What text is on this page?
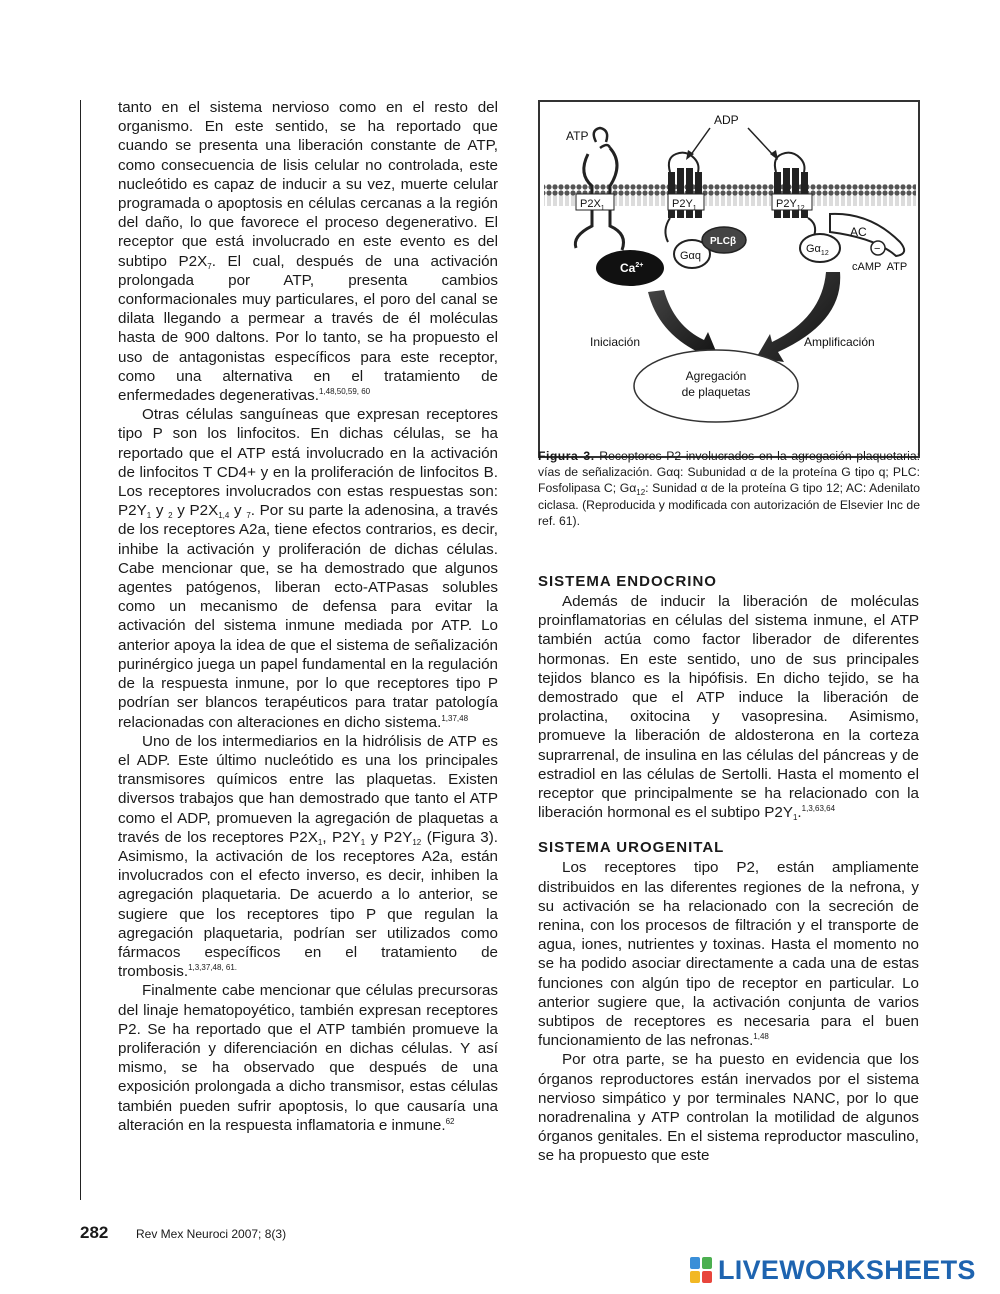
tanto en el sistema nervioso como en el resto del organismo. En este sentido, se ha reportado que cuando se presenta una liberación constante de ATP, como consecuencia de lisis celular no controlada, este nucleótido es capaz de inducir a su vez, muerte celular programada o apoptosis en células cercanas a la región del daño, lo que favorece el proceso degenerativo. El receptor que está involucrado en este evento es del subtipo $P2X_7$. El cual, después de una activación prolongada por ATP, presenta cambios conformacionales muy particulares, el poro del canal se dilata llegando a permear a través de él moléculas hasta de 900 daltons. Por lo tanto, se ha propuesto el uso de antagonistas específicos para este receptor, como una alternativa en el tratamiento de enfermedades degenerativas.$^{1,48,50,59, 60}$

Otras células sanguíneas que expresan receptores tipo P son los linfocitos. En dichas células, se ha reportado que el ATP está involucrado en la activación de linfocitos T CD4+ y en la proliferación de linfocitos B. Los receptores involucrados con estas respuestas son: $P2Y_1$ y $_2$ y $P2X_{1,4}$ y $_7$. Por su parte la adenosina, a través de los receptores A2a, tiene efectos contrarios, es decir, inhibe la activación y proliferación de dichas células. Cabe mencionar que, se ha demostrado que algunos agentes patógenos, liberan ecto-ATPasas solubles como un mecanismo de defensa para evitar la activación del sistema inmune mediada por ATP. Lo anterior apoya la idea de que el sistema de señalización purinérgico juega un papel fundamental en la regulación de la respuesta inmune, por lo que receptores tipo P podrían ser blancos terapéuticos para tratar patología relacionadas con alteraciones en dicho sistema.$^{1,37,48}$

Uno de los intermediarios en la hidrólisis de ATP es el ADP. Este último nucleótido es una los principales transmisores químicos entre las plaquetas. Existen diversos trabajos que han demostrado que tanto el ATP como el ADP, promueven la agregación de plaquetas a través de los receptores $P2X_1$, $P2Y_1$ y $P2Y_{12}$ (Figura 3). Asimismo, la activación de los receptores A2a, están involucrados con el efecto inverso, es decir, inhiben la agregación plaquetaria. De acuerdo a lo anterior, se sugiere que los receptores tipo P que regulan la agregación plaquetaria, podrían ser utilizados como fármacos específicos en el tratamiento de trombosis.$^{1,3,37,48, 61.}$

Finalmente cabe mencionar que células precursoras del linaje hematopoyético, también expresan receptores P2. Se ha reportado que el ATP también promueve la proliferación y diferenciación en dichas células. Y así mismo, se ha observado que después de una exposición prolongada a dicho transmisor, estas células también pueden sufrir apoptosis, lo que causaría una alteración en la respuesta inflamatoria e inmune.$^{62}$

ATP
ADP
$P2X_1$	$P2Y_1$	$P2Y_{12}$
AC
Gαq
PLCβ
$G\alpha_{12}$	−
$Ca^{2+}$	cAMP  ATP
Iniciación	Amplificación
Agregación
de plaquetas
Figura 3. Receptores P2 involucrados en la agregación plaquetaria: vías de señalización. Gαq: Subunidad α de la proteína G tipo q; PLC: Fosfolipasa C; $G\alpha_{12}$: Sunidad α de la proteína G tipo 12; AC: Adenilato ciclasa. (Reproducida y modificada con autorización de Elsevier Inc de ref. 61).
SISTEMA ENDOCRINO

Además de inducir la liberación de moléculas proinflamatorias en células del sistema inmune, el ATP también actúa como factor liberador de diferentes hormonas. En este sentido, uno de sus principales tejidos blanco es la hipófisis. En dicho tejido, se ha demostrado que el ATP induce la liberación de prolactina, oxitocina y vasopresina. Asimismo, promueve la liberación de aldosterona en la corteza suprarrenal, de insulina en las células del páncreas y de estradiol en las células de Sertolli. Hasta el momento el receptor que principalmente se ha relacionado con la liberación hormonal es el subtipo $P2Y_1.^{1,3,63,64}$

SISTEMA UROGENITAL

Los receptores tipo P2, están ampliamente distribuidos en las diferentes regiones de la nefrona, y su activación se ha relacionado con la secreción de renina, con los procesos de filtración y el transporte de agua, iones, nutrientes y toxinas. Hasta el momento no se ha podido asociar directamente a cada una de estas funciones con algún tipo de receptor en particular. Lo anterior sugiere que, la activación conjunta de varios subtipos de receptores es necesaria para el buen funcionamiento de las nefronas.$^{1,48}$

Por otra parte, se ha puesto en evidencia que los órganos reproductores están inervados por el sistema nervioso simpático y por terminales NANC, por lo que noradrenalina y ATP controlan la motilidad de algunos órganos genitales. En el sistema reproductor masculino, se ha propuesto que este

282 Rev Mex Neuroci 2007; 8(3)
LIVEWORKSHEETS
